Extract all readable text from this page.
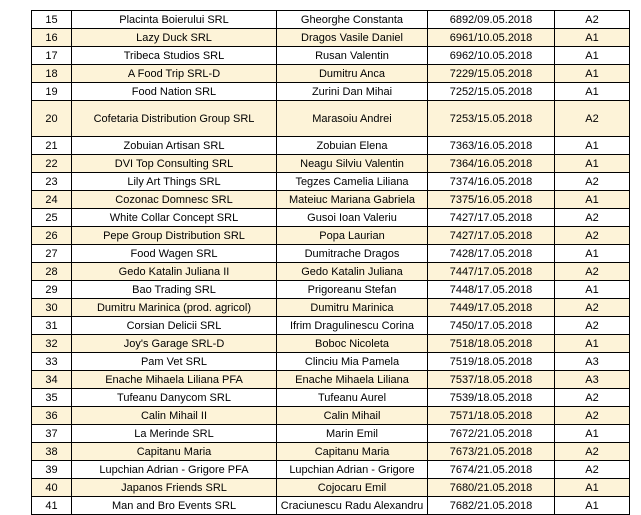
15	Placinta Boierului SRL	Gheorghe Constanta	6892/09.05.2018	A2
16	Lazy Duck SRL	Dragos Vasile Daniel	6961/10.05.2018	A1
17	Tribeca Studios SRL	Rusan Valentin	6962/10.05.2018	A1
18	A Food Trip SRL-D	Dumitru Anca	7229/15.05.2018	A1
19	Food Nation SRL	Zurini Dan Mihai	7252/15.05.2018	A1
20	Cofetaria Distribution Group SRL	Marasoiu Andrei	7253/15.05.2018	A2
21	Zobuian Artisan SRL	Zobuian Elena	7363/16.05.2018	A1
22	DVI Top Consulting SRL	Neagu Silviu Valentin	7364/16.05.2018	A1
23	Lily Art Things SRL	Tegzes Camelia Liliana	7374/16.05.2018	A2
24	Cozonac Domnesc SRL	Mateiuc Mariana Gabriela	7375/16.05.2018	A1
25	White Collar Concept SRL	Gusoi Ioan Valeriu	7427/17.05.2018	A2
26	Pepe Group Distribution SRL	Popa Laurian	7427/17.05.2018	A2
27	Food Wagen SRL	Dumitrache Dragos	7428/17.05.2018	A1
28	Gedo Katalin Juliana II	Gedo Katalin Juliana	7447/17.05.2018	A2
29	Bao Trading SRL	Prigoreanu Stefan	7448/17.05.2018	A1
30	Dumitru Marinica (prod. agricol)	Dumitru Marinica	7449/17.05.2018	A2
31	Corsian Delicii SRL	Ifrim Dragulinescu Corina	7450/17.05.2018	A2
32	Joy's Garage SRL-D	Boboc Nicoleta	7518/18.05.2018	A1
33	Pam Vet SRL	Clinciu Mia Pamela	7519/18.05.2018	A3
34	Enache Mihaela Liliana PFA	Enache Mihaela Liliana	7537/18.05.2018	A3
35	Tufeanu Danycom SRL	Tufeanu Aurel	7539/18.05.2018	A2
36	Calin Mihail II	Calin Mihail	7571/18.05.2018	A2
37	La Merinde SRL	Marin Emil	7672/21.05.2018	A1
38	Capitanu Maria	Capitanu Maria	7673/21.05.2018	A2
39	Lupchian Adrian - Grigore PFA	Lupchian Adrian - Grigore	7674/21.05.2018	A2
40	Japanos Friends SRL	Cojocaru Emil	7680/21.05.2018	A1
41	Man and Bro Events SRL	Craciunescu Radu Alexandru	7682/21.05.2018	A1
